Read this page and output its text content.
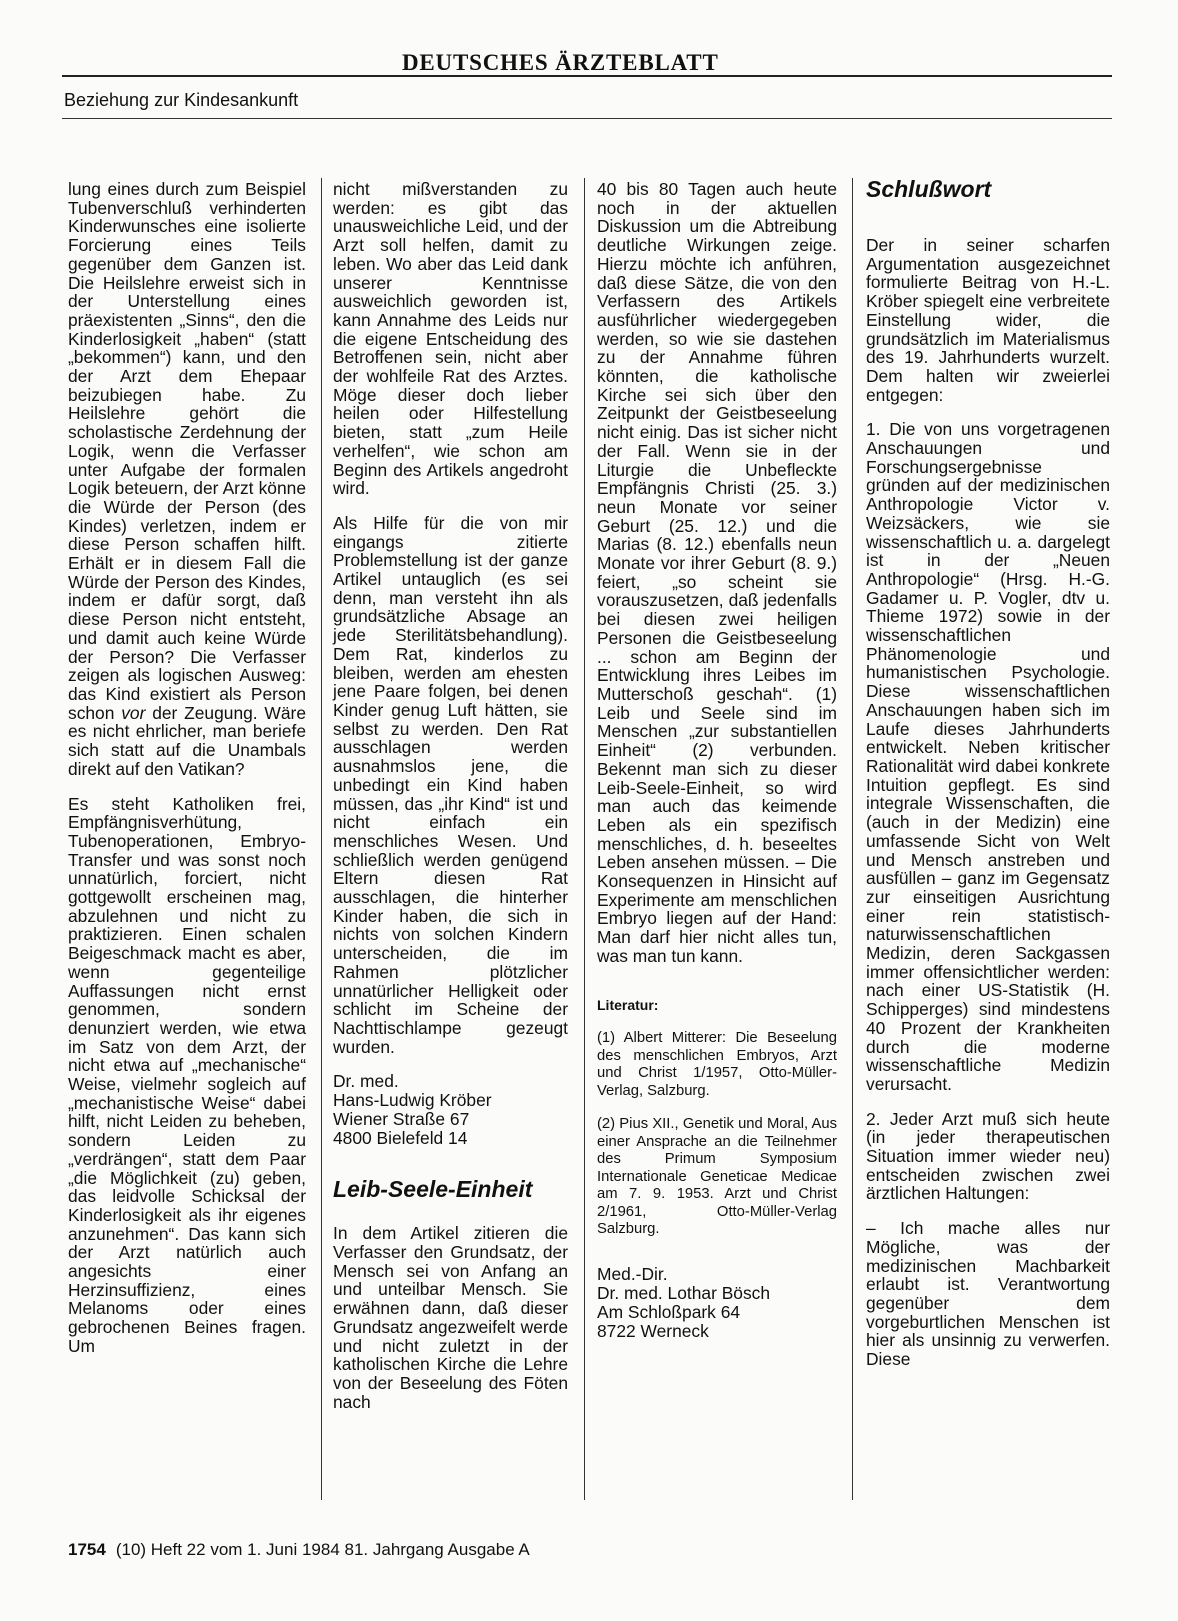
DEUTSCHES ÄRZTEBLATT
Beziehung zur Kindesankunft

lung eines durch zum Beispiel Tubenverschluß verhinderten Kinderwunsches eine isolierte Forcierung eines Teils gegenüber dem Ganzen ist. Die Heilslehre erweist sich in der Unterstellung eines präexistenten „Sinns“, den die Kinderlosigkeit „haben“ (statt „bekommen“) kann, und den der Arzt dem Ehepaar beizubiegen habe. Zu Heilslehre gehört die scholastische Zerdehnung der Logik, wenn die Verfasser unter Aufgabe der formalen Logik beteuern, der Arzt könne die Würde der Person (des Kindes) verletzen, indem er diese Person schaffen hilft. Erhält er in diesem Fall die Würde der Person des Kindes, indem er dafür sorgt, daß diese Person nicht entsteht, und damit auch keine Würde der Person? Die Verfasser zeigen als logischen Ausweg: das Kind existiert als Person schon vor der Zeugung. Wäre es nicht ehrlicher, man beriefe sich statt auf die Unambals direkt auf den Vatikan?

Es steht Katholiken frei, Empfängnisverhütung, Tubenoperationen, Embryo-Transfer und was sonst noch unnatürlich, forciert, nicht gottgewollt erscheinen mag, abzulehnen und nicht zu praktizieren. Einen schalen Beigeschmack macht es aber, wenn gegenteilige Auffassungen nicht ernst genommen, sondern denunziert werden, wie etwa im Satz von dem Arzt, der nicht etwa auf „mechanische“ Weise, vielmehr sogleich auf „mechanistische Weise“ dabei hilft, nicht Leiden zu beheben, sondern Leiden zu „verdrängen“, statt dem Paar „die Möglichkeit (zu) geben, das leidvolle Schicksal der Kinderlosigkeit als ihr eigenes anzunehmen“. Das kann sich der Arzt natürlich auch angesichts einer Herzinsuffizienz, eines Melanoms oder eines gebrochenen Beines fragen. Um

nicht mißverstanden zu werden: es gibt das unausweichliche Leid, und der Arzt soll helfen, damit zu leben. Wo aber das Leid dank unserer Kenntnisse ausweichlich geworden ist, kann Annahme des Leids nur die eigene Entscheidung des Betroffenen sein, nicht aber der wohlfeile Rat des Arztes. Möge dieser doch lieber heilen oder Hilfestellung bieten, statt „zum Heile verhelfen“, wie schon am Beginn des Artikels angedroht wird.

Als Hilfe für die von mir eingangs zitierte Problemstellung ist der ganze Artikel untauglich (es sei denn, man versteht ihn als grundsätzliche Absage an jede Sterilitätsbehandlung). Dem Rat, kinderlos zu bleiben, werden am ehesten jene Paare folgen, bei denen Kinder genug Luft hätten, sie selbst zu werden. Den Rat ausschlagen werden ausnahmslos jene, die unbedingt ein Kind haben müssen, das „ihr Kind“ ist und nicht einfach ein menschliches Wesen. Und schließlich werden genügend Eltern diesen Rat ausschlagen, die hinterher Kinder haben, die sich in nichts von solchen Kindern unterscheiden, die im Rahmen plötzlicher unnatürlicher Helligkeit oder schlicht im Scheine der Nachttischlampe gezeugt wurden.

Dr. med.
Hans-Ludwig Kröber
Wiener Straße 67
4800 Bielefeld 14
Leib-Seele-Einheit

In dem Artikel zitieren die Verfasser den Grundsatz, der Mensch sei von Anfang an und unteilbar Mensch. Sie erwähnen dann, daß dieser Grundsatz angezweifelt werde und nicht zuletzt in der katholischen Kirche die Lehre von der Beseelung des Föten nach

40 bis 80 Tagen auch heute noch in der aktuellen Diskussion um die Abtreibung deutliche Wirkungen zeige. Hierzu möchte ich anführen, daß diese Sätze, die von den Verfassern des Artikels ausführlicher wiedergegeben werden, so wie sie dastehen zu der Annahme führen könnten, die katholische Kirche sei sich über den Zeitpunkt der Geistbeseelung nicht einig. Das ist sicher nicht der Fall. Wenn sie in der Liturgie die Unbefleckte Empfängnis Christi (25. 3.) neun Monate vor seiner Geburt (25. 12.) und die Marias (8. 12.) ebenfalls neun Monate vor ihrer Geburt (8. 9.) feiert, „so scheint sie vorauszusetzen, daß jedenfalls bei diesen zwei heiligen Personen die Geistbeseelung ... schon am Beginn der Entwicklung ihres Leibes im Mutterschoß geschah“. (1) Leib und Seele sind im Menschen „zur substantiellen Einheit“ (2) verbunden. Bekennt man sich zu dieser Leib-Seele-Einheit, so wird man auch das keimende Leben als ein spezifisch menschliches, d. h. beseeltes Leben ansehen müssen. – Die Konsequenzen in Hinsicht auf Experimente am menschlichen Embryo liegen auf der Hand: Man darf hier nicht alles tun, was man tun kann.

Literatur:

(1) Albert Mitterer: Die Beseelung des menschlichen Embryos, Arzt und Christ 1/1957, Otto-Müller-Verlag, Salzburg.

(2) Pius XII., Genetik und Moral, Aus einer Ansprache an die Teilnehmer des Primum Symposium Internationale Geneticae Medicae am 7. 9. 1953. Arzt und Christ 2/1961, Otto-Müller-Verlag Salzburg.

Med.-Dir.
Dr. med. Lothar Bösch
Am Schloßpark 64
8722 Werneck
Schlußwort

Der in seiner scharfen Argumentation ausgezeichnet formulierte Beitrag von H.-L. Kröber spiegelt eine verbreitete Einstellung wider, die grundsätzlich im Materialismus des 19. Jahrhunderts wurzelt. Dem halten wir zweierlei entgegen:

1. Die von uns vorgetragenen Anschauungen und Forschungsergebnisse gründen auf der medizinischen Anthropologie Victor v. Weizsäckers, wie sie wissenschaftlich u. a. dargelegt ist in der „Neuen Anthropologie“ (Hrsg. H.-G. Gadamer u. P. Vogler, dtv u. Thieme 1972) sowie in der wissenschaftlichen Phänomenologie und humanistischen Psychologie. Diese wissenschaftlichen Anschauungen haben sich im Laufe dieses Jahrhunderts entwickelt. Neben kritischer Rationalität wird dabei konkrete Intuition gepflegt. Es sind integrale Wissenschaften, die (auch in der Medizin) eine umfassende Sicht von Welt und Mensch anstreben und ausfüllen – ganz im Gegensatz zur einseitigen Ausrichtung einer rein statistisch-naturwissenschaftlichen Medizin, deren Sackgassen immer offensichtlicher werden: nach einer US-Statistik (H. Schipperges) sind mindestens 40 Prozent der Krankheiten durch die moderne wissenschaftliche Medizin verursacht.

2. Jeder Arzt muß sich heute (in jeder therapeutischen Situation immer wieder neu) entscheiden zwischen zwei ärztlichen Haltungen:

– Ich mache alles nur Mögliche, was der medizinischen Machbarkeit erlaubt ist. Verantwortung gegenüber dem vorgeburtlichen Menschen ist hier als unsinnig zu verwerfen. Diese

1754 (10) Heft 22 vom 1. Juni 1984 81. Jahrgang Ausgabe A
